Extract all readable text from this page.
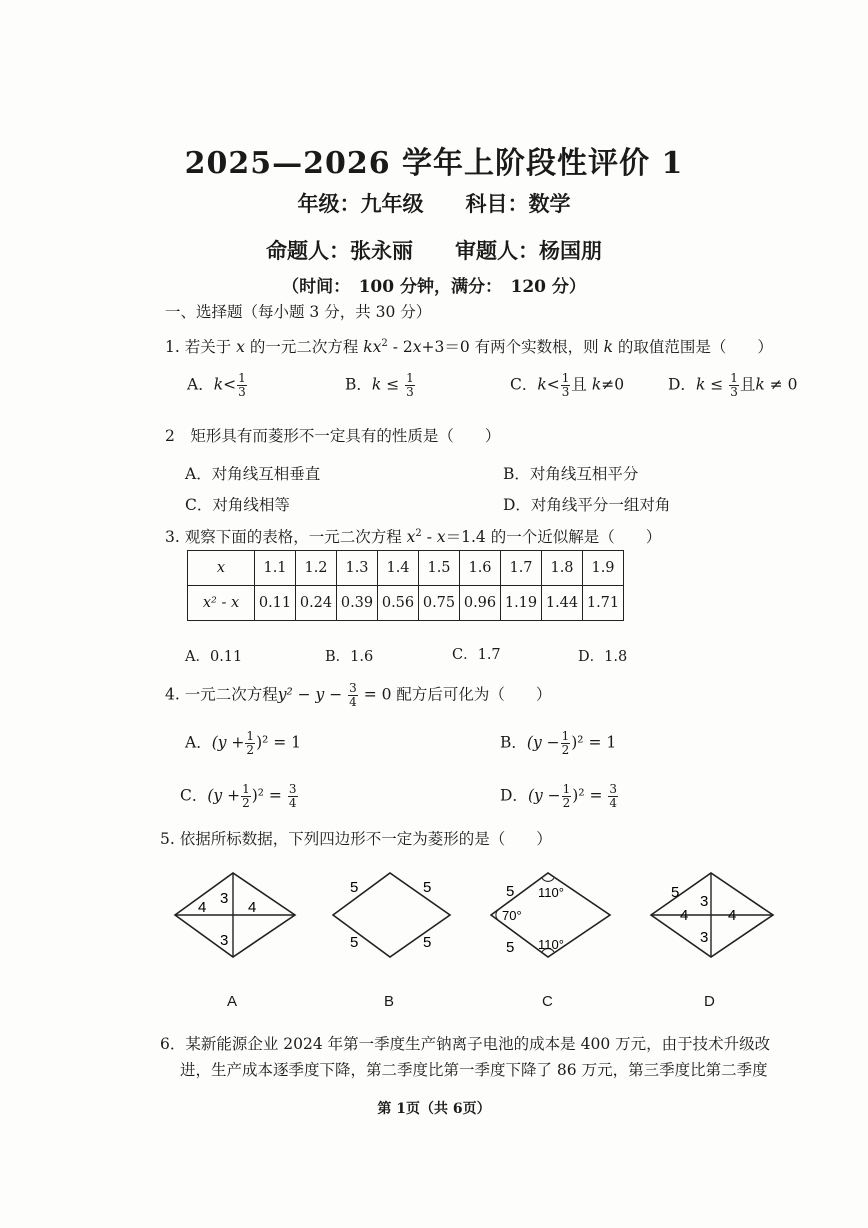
2025—2026 学年上阶段性评价 1
年级：九年级　　科目：数学
命题人：张永丽　　审题人：杨国朋
（时间：　100 分钟，满分：　120 分）
一、选择题（每小题 3 分，共 30 分）
1. 若关于 x 的一元二次方程 $kx^2 - 2x+3=0$ 有两个实数根，则 k 的取值范围是（　　）
A．$k< \frac{1}{3}$	B．$k \le \frac{1}{3}$	C．$k< \frac{1}{3}$ 且 k≠0	D．$k \le \frac{1}{3}$ 且k ≠ 0
2　矩形具有而菱形不一定具有的性质是（　　）
A．对角线互相垂直	B．对角线互相平分
C．对角线相等	D．对角线平分一组对角
3. 观察下面的表格，一元二次方程 $x^2 - x=1.4$ 的一个近似解是（　　）
x	1.1	1.2	1.3	1.4	1.5	1.6	1.7	1.8	1.9
x² - x	0.11	0.24	0.39	0.56	0.75	0.96	1.19	1.44	1.71
A．0.11	B．1.6	C．1.7	D．1.8
4. 一元二次方程$y^2 - y - \frac{3}{4} = 0$ 配方后可化为（　　）
A．$(y + \frac{1}{2} )^2 = 1$	B．$(y - \frac{1}{2} )^2 = 1$
C．$(y + \frac{1}{2} )^2 = \frac{3}{4}$	D．$(y - \frac{1}{2} )^2 = \frac{3}{4}$
5. 依据所标数据，下列四边形不一定为菱形的是（　　）
3
3
4	4
A
5	5
5	5
B
5
5
110°
70°
110°
C
5
3
3
4	4
D
6．某新能源企业 2024 年第一季度生产钠离子电池的成本是 400 万元，由于技术升级改
进，生产成本逐季度下降，第二季度比第一季度下降了 86 万元，第三季度比第二季度
第 1页（共 6页）
